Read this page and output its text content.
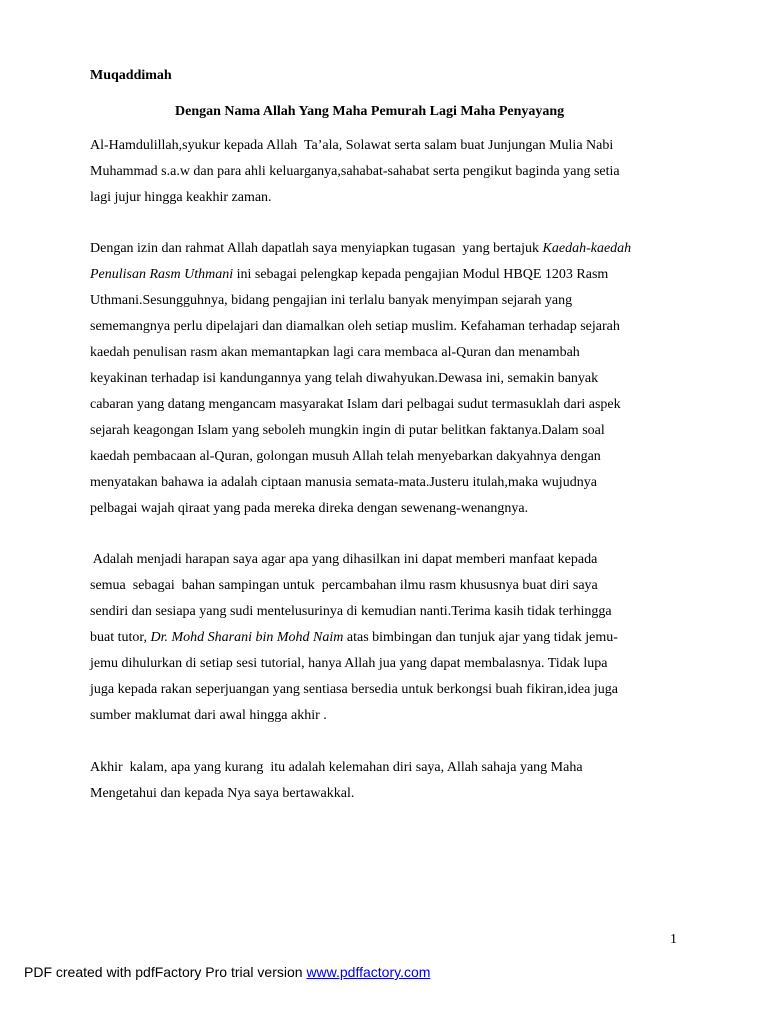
Muqaddimah
Dengan Nama Allah Yang Maha Pemurah Lagi Maha Penyayang
Al-Hamdulillah,syukur kepada Allah  Ta’ala, Solawat serta salam buat Junjungan Mulia Nabi
Muhammad s.a.w dan para ahli keluarganya,sahabat-sahabat serta pengikut baginda yang setia
lagi jujur hingga keakhir zaman.
Dengan izin dan rahmat Allah dapatlah saya menyiapkan tugasan  yang bertajuk Kaedah-kaedah
Penulisan Rasm Uthmani ini sebagai pelengkap kepada pengajian Modul HBQE 1203 Rasm
Uthmani.Sesungguhnya, bidang pengajian ini terlalu banyak menyimpan sejarah yang
sememangnya perlu dipelajari dan diamalkan oleh setiap muslim. Kefahaman terhadap sejarah
kaedah penulisan rasm akan memantapkan lagi cara membaca al-Quran dan menambah
keyakinan terhadap isi kandungannya yang telah diwahyukan.Dewasa ini, semakin banyak
cabaran yang datang mengancam masyarakat Islam dari pelbagai sudut termasuklah dari aspek
sejarah keagongan Islam yang seboleh mungkin ingin di putar belitkan faktanya.Dalam soal
kaedah pembacaan al-Quran, golongan musuh Allah telah menyebarkan dakyahnya dengan
menyatakan bahawa ia adalah ciptaan manusia semata-mata.Justeru itulah,maka wujudnya
pelbagai wajah qiraat yang pada mereka direka dengan sewenang-wenangnya.
Adalah menjadi harapan saya agar apa yang dihasilkan ini dapat memberi manfaat kepada
semua  sebagai  bahan sampingan untuk  percambahan ilmu rasm khususnya buat diri saya
sendiri dan sesiapa yang sudi mentelusurinya di kemudian nanti.Terima kasih tidak terhingga
buat tutor, Dr. Mohd Sharani bin Mohd Naim atas bimbingan dan tunjuk ajar yang tidak jemu-
jemu dihulurkan di setiap sesi tutorial, hanya Allah jua yang dapat membalasnya. Tidak lupa
juga kepada rakan seperjuangan yang sentiasa bersedia untuk berkongsi buah fikiran,idea juga
sumber maklumat dari awal hingga akhir .
Akhir  kalam, apa yang kurang  itu adalah kelemahan diri saya, Allah sahaja yang Maha
Mengetahui dan kepada Nya saya bertawakkal.
1
PDF created with pdfFactory Pro trial version www.pdffactory.com
